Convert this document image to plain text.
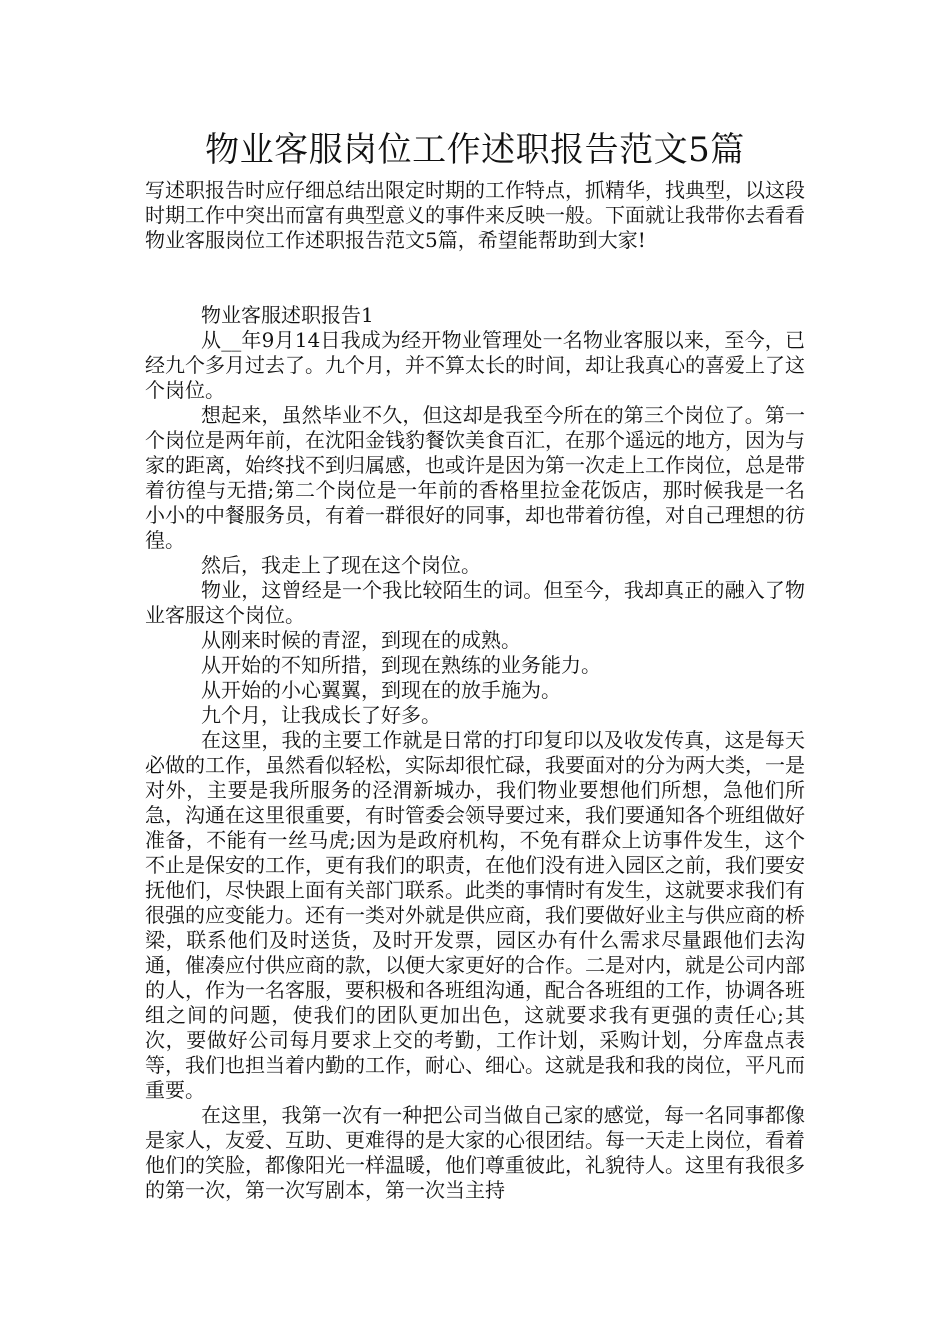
物业客服岗位工作述职报告范文5篇

写述职报告时应仔细总结出限定时期的工作特点，抓精华，找典型，以这段时期工作中突出而富有典型意义的事件来反映一般。下面就让我带你去看看物业客服岗位工作述职报告范文5篇，希望能帮助到大家!

物业客服述职报告1

从__年9月14日我成为经开物业管理处一名物业客服以来，至今，已经九个多月过去了。九个月，并不算太长的时间，却让我真心的喜爱上了这个岗位。

想起来，虽然毕业不久，但这却是我至今所在的第三个岗位了。第一个岗位是两年前，在沈阳金钱豹餐饮美食百汇，在那个遥远的地方，因为与家的距离，始终找不到归属感，也或许是因为第一次走上工作岗位，总是带着彷徨与无措;第二个岗位是一年前的香格里拉金花饭店，那时候我是一名小小的中餐服务员，有着一群很好的同事，却也带着彷徨，对自己理想的彷徨。

然后，我走上了现在这个岗位。

物业，这曾经是一个我比较陌生的词。但至今，我却真正的融入了物业客服这个岗位。

从刚来时候的青涩，到现在的成熟。

从开始的不知所措，到现在熟练的业务能力。

从开始的小心翼翼，到现在的放手施为。

九个月，让我成长了好多。

在这里，我的主要工作就是日常的打印复印以及收发传真，这是每天必做的工作，虽然看似轻松，实际却很忙碌，我要面对的分为两大类，一是对外，主要是我所服务的泾渭新城办，我们物业要想他们所想，急他们所急，沟通在这里很重要，有时管委会领导要过来，我们要通知各个班组做好准备，不能有一丝马虎;因为是政府机构，不免有群众上访事件发生，这个不止是保安的工作，更有我们的职责，在他们没有进入园区之前，我们要安抚他们，尽快跟上面有关部门联系。此类的事情时有发生，这就要求我们有很强的应变能力。还有一类对外就是供应商，我们要做好业主与供应商的桥梁，联系他们及时送货，及时开发票，园区办有什么需求尽量跟他们去沟通，催凑应付供应商的款，以便大家更好的合作。二是对内，就是公司内部的人，作为一名客服，要积极和各班组沟通，配合各班组的工作，协调各班组之间的问题，使我们的团队更加出色，这就要求我有更强的责任心;其次，要做好公司每月要求上交的考勤，工作计划，采购计划，分库盘点表等，我们也担当着内勤的工作，耐心、细心。这就是我和我的岗位，平凡而重要。

在这里，我第一次有一种把公司当做自己家的感觉，每一名同事都像是家人，友爱、互助、更难得的是大家的心很团结。每一天走上岗位，看着他们的笑脸，都像阳光一样温暖，他们尊重彼此，礼貌待人。这里有我很多的第一次，第一次写剧本，第一次当主持
